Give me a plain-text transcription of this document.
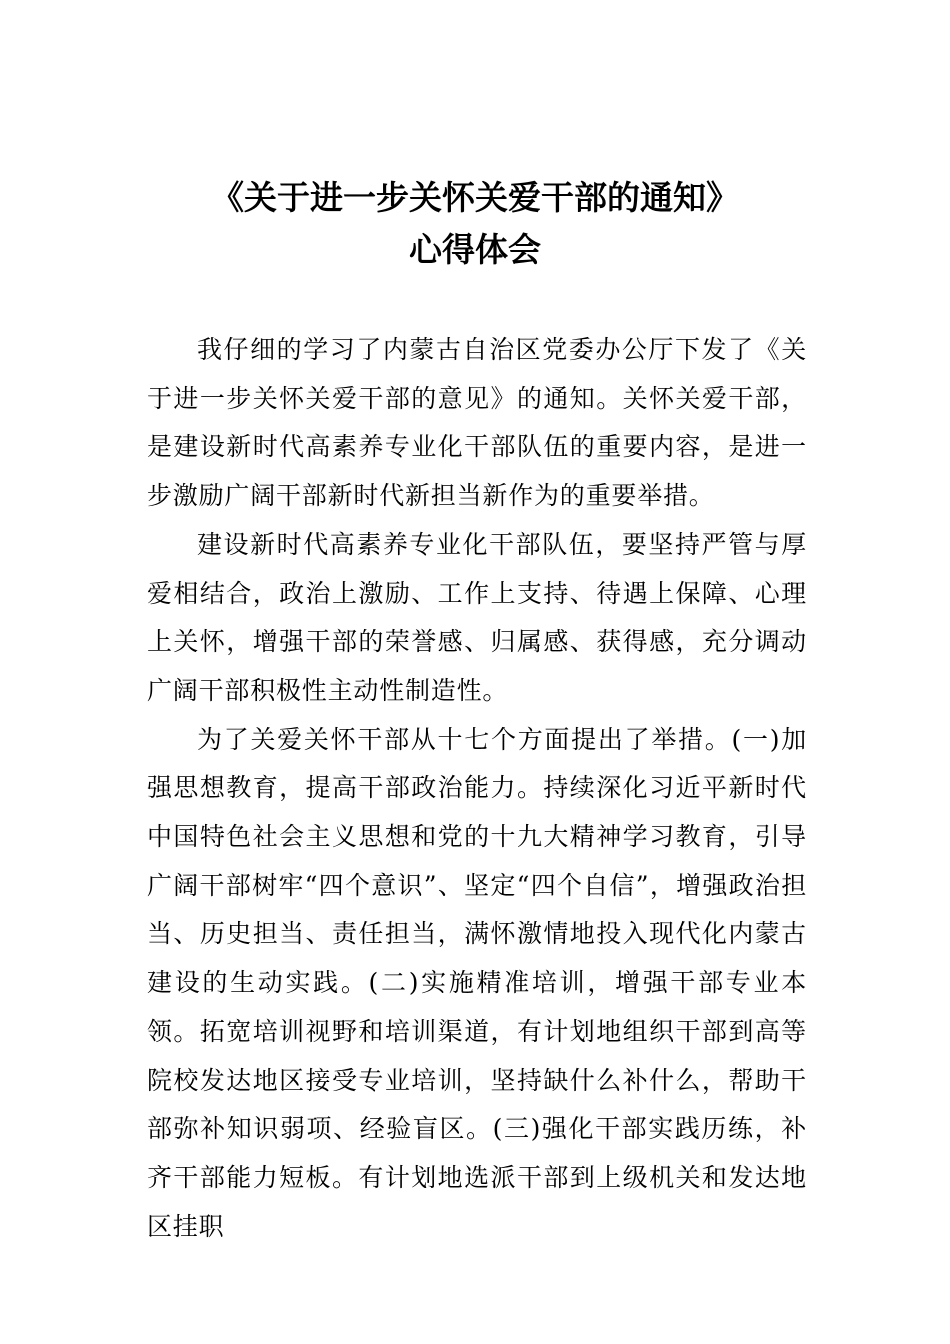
《关于进一步关怀关爱干部的通知》
心得体会

我仔细的学习了内蒙古自治区党委办公厅下发了《关于进一步关怀关爱干部的意见》的通知。关怀关爱干部，是建设新时代高素养专业化干部队伍的重要内容，是进一步激励广阔干部新时代新担当新作为的重要举措。

建设新时代高素养专业化干部队伍，要坚持严管与厚爱相结合，政治上激励、工作上支持、待遇上保障、心理上关怀，增强干部的荣誉感、归属感、获得感，充分调动广阔干部积极性主动性制造性。

为了关爱关怀干部从十七个方面提出了举措。(一)加强思想教育，提高干部政治能力。持续深化习近平新时代中国特色社会主义思想和党的十九大精神学习教育，引导广阔干部树牢“四个意识”、坚定“四个自信”，增强政治担当、历史担当、责任担当，满怀激情地投入现代化内蒙古建设的生动实践。(二)实施精准培训，增强干部专业本领。拓宽培训视野和培训渠道，有计划地组织干部到高等院校发达地区接受专业培训，坚持缺什么补什么，帮助干部弥补知识弱项、经验盲区。(三)强化干部实践历练，补齐干部能力短板。有计划地选派干部到上级机关和发达地区挂职
